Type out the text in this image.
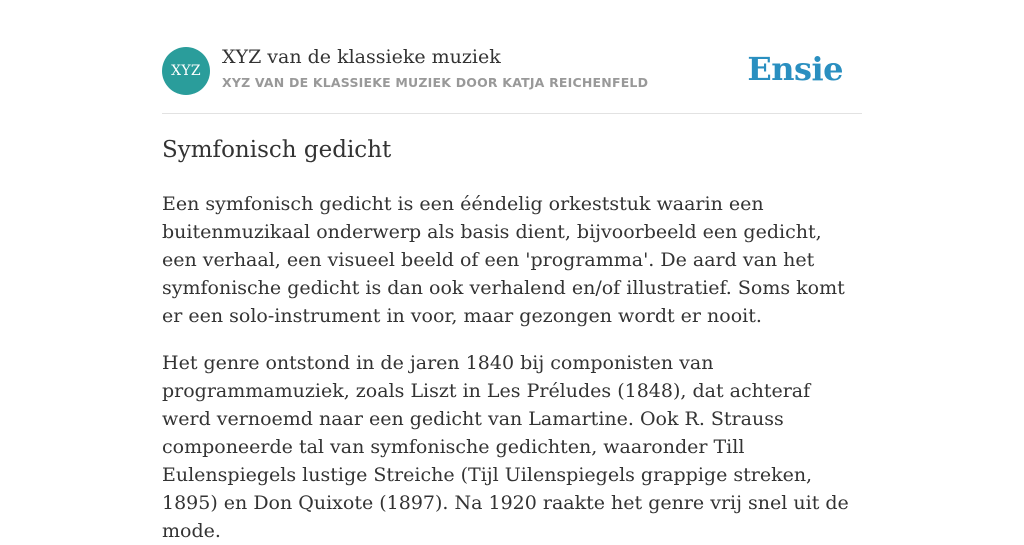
XYZ
XYZ van de klassieke muziek
XYZ VAN DE KLASSIEKE MUZIEK DOOR KATJA REICHENFELD	Ensie
Symfonisch gedicht

Een symfonisch gedicht is een ééndelig orkeststuk waarin een buitenmuzikaal onderwerp als basis dient, bijvoorbeeld een gedicht, een verhaal, een visueel beeld of een 'programma'. De aard van het symfonische gedicht is dan ook verhalend en/of illustratief. Soms komt er een solo-instrument in voor, maar gezongen wordt er nooit.

Het genre ontstond in de jaren 1840 bij componisten van programmamuziek, zoals Liszt in Les Préludes (1848), dat achteraf werd vernoemd naar een gedicht van Lamartine. Ook R. Strauss componeerde tal van symfonische gedichten, waaronder Till Eulenspiegels lustige Streiche (Tijl Uilenspiegels grappige streken, 1895) en Don Quixote (1897). Na 1920 raakte het genre vrij snel uit de mode.
